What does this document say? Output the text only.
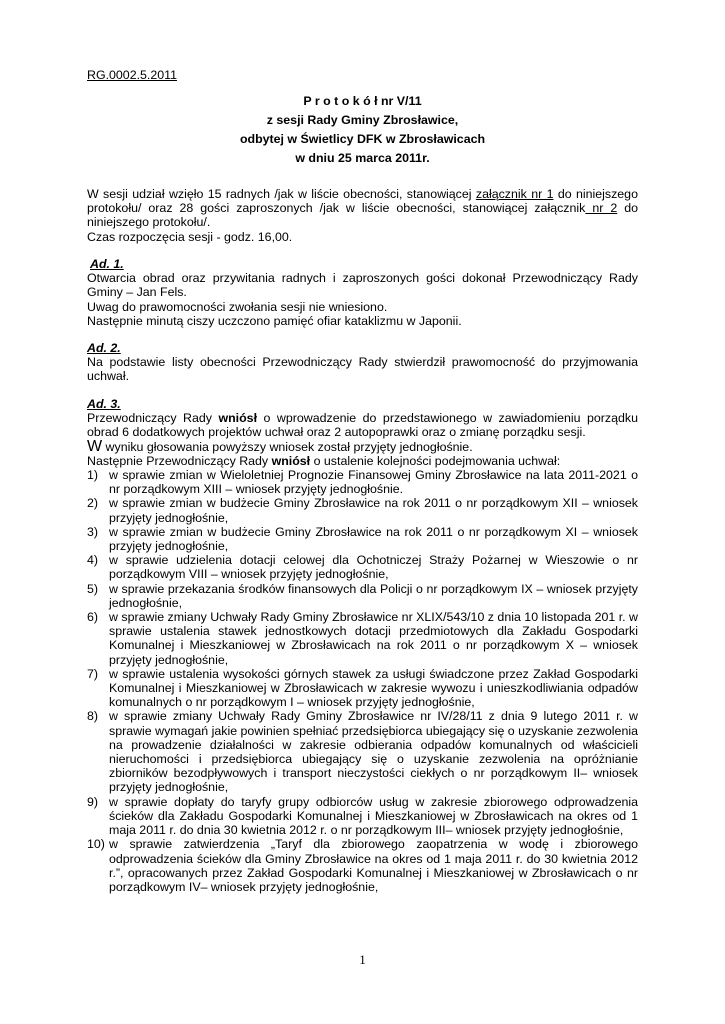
RG.0002.5.2011
P r o t o k ó ł nr V/11
z sesji Rady Gminy Zbrosławice,
odbytej w Świetlicy DFK w Zbrosławicach
w dniu 25 marca 2011r.

W sesji udział wzięło 15 radnych /jak w liście obecności, stanowiącej załącznik nr 1 do niniejszego protokołu/ oraz 28 gości zaproszonych /jak w liście obecności, stanowiącej załącznik nr 2 do niniejszego protokołu/.

Czas rozpoczęcia sesji - godz. 16,00.

Ad. 1.

Otwarcia obrad oraz przywitania radnych i zaproszonych gości dokonał Przewodniczący Rady Gminy – Jan Fels.

Uwag do prawomocności zwołania sesji nie wniesiono.

Następnie minutą ciszy uczczono pamięć ofiar kataklizmu w Japonii.

Ad. 2.

Na podstawie listy obecności Przewodniczący Rady stwierdził prawomocność do przyjmowania uchwał.

Ad. 3.

Przewodniczący Rady wniósł o wprowadzenie do przedstawionego w zawiadomieniu porządku obrad 6 dodatkowych projektów uchwał oraz 2 autopoprawki oraz o zmianę porządku sesji.

W wyniku głosowania powyższy wniosek został przyjęty jednogłośnie.

Następnie Przewodniczący Rady wniósł o ustalenie kolejności podejmowania uchwał:

1) w sprawie zmian w Wieloletniej Prognozie Finansowej Gminy Zbrosławice na lata 2011-2021 o nr porządkowym XIII – wniosek przyjęty jednogłośnie.
2) w sprawie zmian w budżecie Gminy Zbrosławice na rok 2011 o nr porządkowym XII – wniosek przyjęty jednogłośnie,
3) w sprawie zmian w budżecie Gminy Zbrosławice na rok 2011 o nr porządkowym XI – wniosek przyjęty jednogłośnie,
4) w sprawie udzielenia dotacji celowej dla Ochotniczej Straży Pożarnej w Wieszowie o nr porządkowym VIII – wniosek przyjęty jednogłośnie,
5) w sprawie przekazania środków finansowych dla Policji o nr porządkowym IX – wniosek przyjęty jednogłośnie,
6) w sprawie zmiany Uchwały Rady Gminy Zbrosławice nr XLIX/543/10 z dnia 10 listopada 201 r. w sprawie ustalenia stawek jednostkowych dotacji przedmiotowych dla Zakładu Gospodarki Komunalnej i Mieszkaniowej w Zbrosławicach na rok 2011 o nr porządkowym X – wniosek przyjęty jednogłośnie,
7) w sprawie ustalenia wysokości górnych stawek za usługi świadczone przez Zakład Gospodarki Komunalnej i Mieszkaniowej w Zbrosławicach w zakresie wywozu i unieszkodliwiania odpadów komunalnych o nr porządkowym I – wniosek przyjęty jednogłośnie,
8) w sprawie zmiany Uchwały Rady Gminy Zbrosławice nr IV/28/11 z dnia 9 lutego 2011 r. w sprawie wymagań jakie powinien spełniać przedsiębiorca ubiegający się o uzyskanie zezwolenia na prowadzenie działalności w zakresie odbierania odpadów komunalnych od właścicieli nieruchomości i przedsiębiorca ubiegający się o uzyskanie zezwolenia na opróżnianie zbiorników bezodpływowych i transport nieczystości ciekłych o nr porządkowym II– wniosek przyjęty jednogłośnie,
9) w sprawie dopłaty do taryfy grupy odbiorców usług w zakresie zbiorowego odprowadzenia ścieków dla Zakładu Gospodarki Komunalnej i Mieszkaniowej w Zbrosławicach na okres od 1 maja 2011 r. do dnia 30 kwietnia 2012 r. o nr porządkowym III– wniosek przyjęty jednogłośnie,
10) w sprawie zatwierdzenia „Taryf dla zbiorowego zaopatrzenia w wodę i zbiorowego odprowadzenia ścieków dla Gminy Zbrosławice na okres od 1 maja 2011 r. do 30 kwietnia 2012 r.”, opracowanych przez Zakład Gospodarki Komunalnej i Mieszkaniowej w Zbrosławicach o nr porządkowym IV– wniosek przyjęty jednogłośnie,
1
